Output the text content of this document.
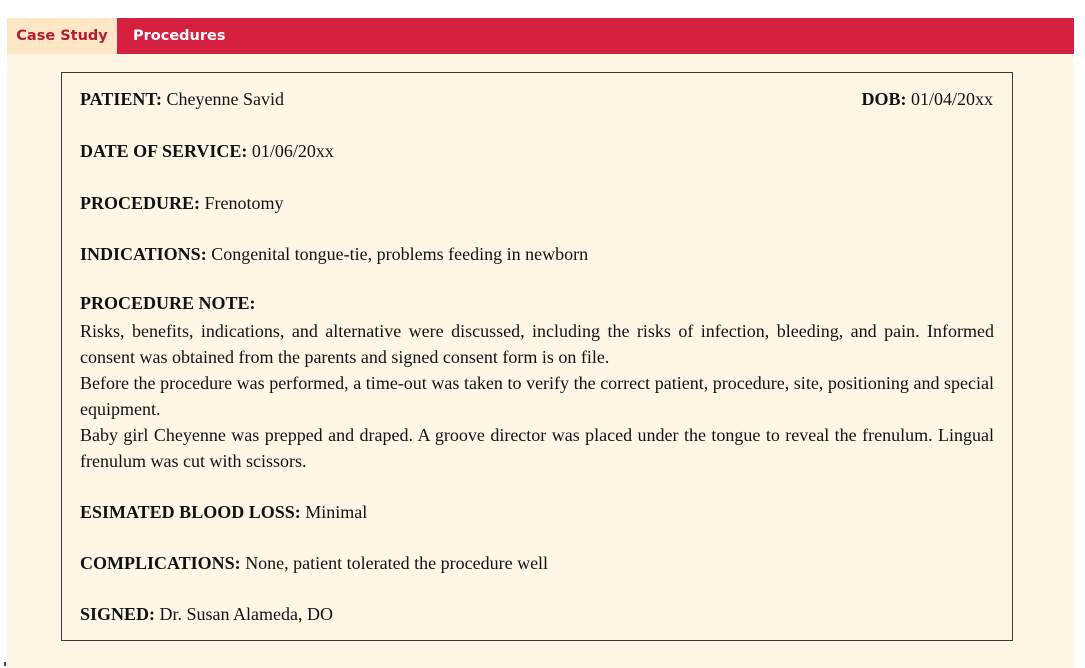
Case Study	Procedures
PATIENT: Cheyenne Savid	DOB: 01/04/20xx
DATE OF SERVICE: 01/06/20xx
PROCEDURE: Frenotomy
INDICATIONS: Congenital tongue-tie, problems feeding in newborn
PROCEDURE NOTE:

Risks, benefits, indications, and alternative were discussed, including the risks of infection, bleeding, and pain. Informed consent was obtained from the parents and signed consent form is on file.

Before the procedure was performed, a time-out was taken to verify the correct patient, procedure, site, positioning and special equipment.

Baby girl Cheyenne was prepped and draped. A groove director was placed under the tongue to reveal the frenulum. Lingual frenulum was cut with scissors.

ESIMATED BLOOD LOSS: Minimal
COMPLICATIONS: None, patient tolerated the procedure well
SIGNED: Dr. Susan Alameda, DO
